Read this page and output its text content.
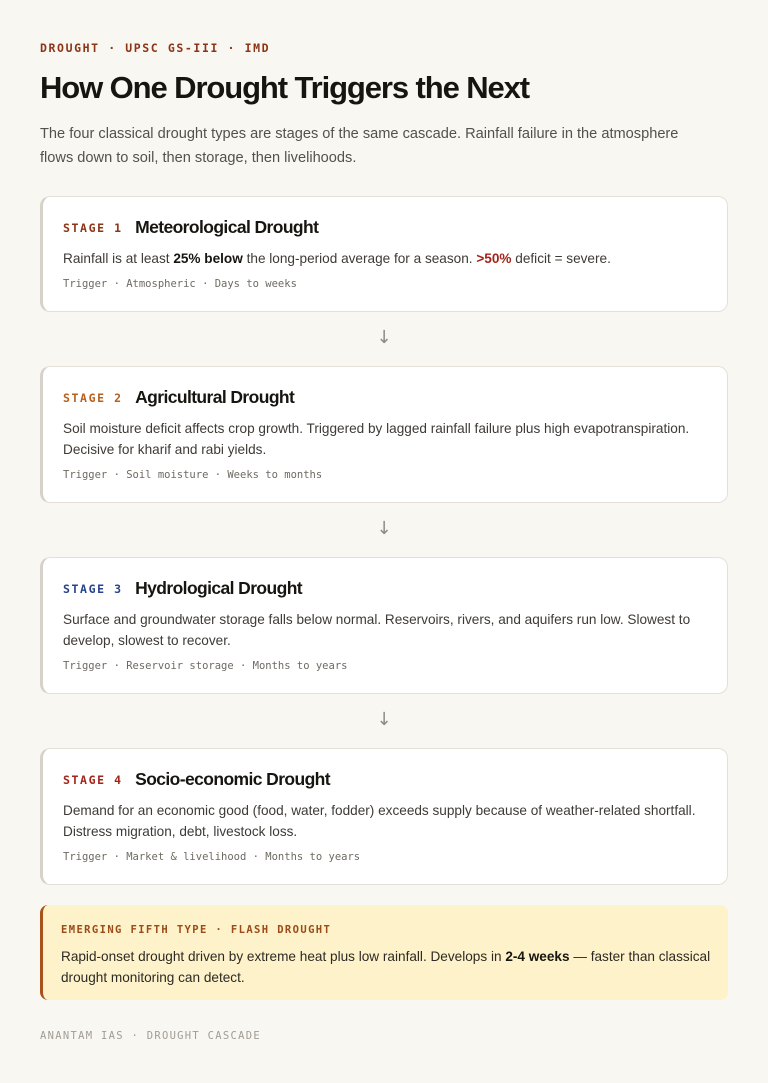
DROUGHT · UPSC GS-III · IMD
How One Drought Triggers the Next

The four classical drought types are stages of the same cascade. Rainfall failure in the atmosphere flows down to soil, then storage, then livelihoods.

STAGE 1 Meteorological Drought
Rainfall is at least 25% below the long-period average for a season. >50% deficit = severe.
Trigger · Atmospheric · Days to weeks
↓
STAGE 2 Agricultural Drought
Soil moisture deficit affects crop growth. Triggered by lagged rainfall failure plus high evapotranspiration. Decisive for kharif and rabi yields.
Trigger · Soil moisture · Weeks to months
↓
STAGE 3 Hydrological Drought
Surface and groundwater storage falls below normal. Reservoirs, rivers, and aquifers run low. Slowest to develop, slowest to recover.
Trigger · Reservoir storage · Months to years
↓
STAGE 4 Socio-economic Drought
Demand for an economic good (food, water, fodder) exceeds supply because of weather-related shortfall. Distress migration, debt, livestock loss.
Trigger · Market & livelihood · Months to years
EMERGING FIFTH TYPE · FLASH DROUGHT
Rapid-onset drought driven by extreme heat plus low rainfall. Develops in 2-4 weeks — faster than classical drought monitoring can detect.
ANANTAM IAS · DROUGHT CASCADE
